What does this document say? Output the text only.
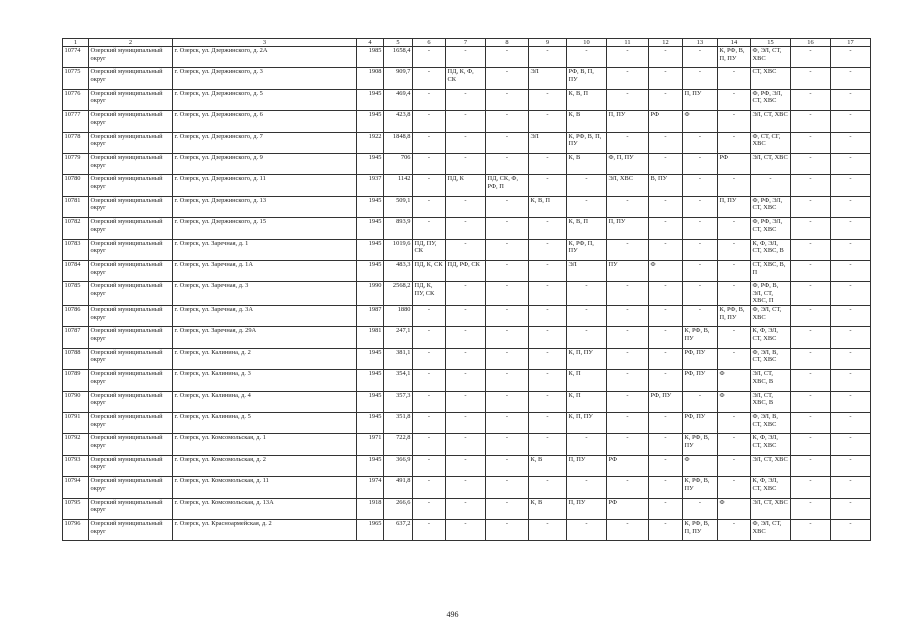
1	2	3	4	5	6	7	8	9	10	11	12	13	14	15	16	17
10774	Озерский муниципальный округ	г. Озерск, ул. Дзержинского, д. 2А	1985	1658,4	-	-	-	-	-	-	-	-	К, РФ, В, П, ПУ	Ф, ЭЛ, СТ, ХВС	-	-
10775	Озерский муниципальный округ	г. Озерск, ул. Дзержинского, д. 3	1908	909,7	-	ПД, К, Ф, СК	-	ЭЛ	РФ, В, П, ПУ	-	-	-	-	СТ, ХВС	-	-
10776	Озерский муниципальный округ	г. Озерск, ул. Дзержинского, д. 5	1945	469,4	-	-	-	-	К, В, П	-	-	П, ПУ	-	Ф, РФ, ЭЛ, СТ, ХВС	-	-
10777	Озерский муниципальный округ	г. Озерск, ул. Дзержинского, д. 6	1945	423,8	-	-	-	-	К, В	П, ПУ	РФ	Ф	-	ЭЛ, СТ, ХВС	-	-
10778	Озерский муниципальный округ	г. Озерск, ул. Дзержинского, д. 7	1922	1848,8	-	-	-	ЭЛ	К, РФ, В, П, ПУ	-	-	-	-	Ф, СТ, СГ, ХВС	-	-
10779	Озерский муниципальный округ	г. Озерск, ул. Дзержинского, д. 9	1945	706	-	-	-	-	К, В	Ф, П, ПУ	-	-	РФ	ЭЛ, СТ, ХВС	-	-
10780	Озерский муниципальный округ	г. Озерск, ул. Дзержинского, д. 11	1937	1142	-	ПД, К	ПД, СК, Ф, РФ, П	-	-	ЭЛ, ХВС	В, ПУ	-	-	-	-	-
10781	Озерский муниципальный округ	г. Озерск, ул. Дзержинского, д. 13	1945	509,1	-	-	-	К, В, П	-	-	-	-	П, ПУ	Ф, РФ, ЭЛ, СТ, ХВС	-	-
10782	Озерский муниципальный округ	г. Озерск, ул. Дзержинского, д. 15	1945	893,9	-	-	-	-	К, В, П	П, ПУ	-	-	-	Ф, РФ, ЭЛ, СТ, ХВС	-	-
10783	Озерский муниципальный округ	г. Озерск, ул. Заречная, д. 1	1945	1019,6	ПД, ПУ, СК	-	-	-	К, РФ, П, ПУ	-	-	-	-	К, Ф, ЭЛ, СТ, ХВС, В	-	-
10784	Озерский муниципальный округ	г. Озерск, ул. Заречная, д. 1А	1945	483,3	ПД, К, СК	ПД, РФ, СК	-	-	ЭЛ	ПУ	Ф	-	-	СТ, ХВС, В, П	-	-
10785	Озерский муниципальный округ	г. Озерск, ул. Заречная, д. 3	1990	2568,2	ПД, К, ПУ, СК	-	-	-	-	-	-	-	-	Ф, РФ, В, ЭЛ, СТ, ХВС, П	-	-
10786	Озерский муниципальный округ	г. Озерск, ул. Заречная, д. 3А	1987	1880	-	-	-	-	-	-	-	-	К, РФ, В, П, ПУ	Ф, ЭЛ, СТ, ХВС	-	-
10787	Озерский муниципальный округ	г. Озерск, ул. Заречная, д. 29А	1981	247,1	-	-	-	-	-	-	-	К, РФ, В, ПУ	-	К, Ф, ЭЛ, СТ, ХВС	-	-
10788	Озерский муниципальный округ	г. Озерск, ул. Калинина, д. 2	1945	381,1	-	-	-	-	К, П, ПУ	-	-	РФ, ПУ	-	Ф, ЭЛ, В, СТ, ХВС	-	-
10789	Озерский муниципальный округ	г. Озерск, ул. Калинина, д. 3	1945	354,1	-	-	-	-	К, П	-	-	РФ, ПУ	Ф	ЭЛ, СТ, ХВС, В	-	-
10790	Озерский муниципальный округ	г. Озерск, ул. Калинина, д. 4	1945	357,3	-	-	-	-	К, П	-	РФ, ПУ	-	Ф	ЭЛ, СТ, ХВС, В	-	-
10791	Озерский муниципальный округ	г. Озерск, ул. Калинина, д. 5	1945	351,8	-	-	-	-	К, П, ПУ	-	-	РФ, ПУ	-	Ф, ЭЛ, В, СТ, ХВС	-	-
10792	Озерский муниципальный округ	г. Озерск, ул. Комсомольская, д. 1	1971	722,8	-	-	-	-	-	-	-	К, РФ, В, ПУ	-	К, Ф, ЭЛ, СТ, ХВС	-	-
10793	Озерский муниципальный округ	г. Озерск, ул. Комсомольская, д. 2	1945	366,9	-	-	-	К, В	П, ПУ	РФ	-	Ф	-	ЭЛ, СТ, ХВС	-	-
10794	Озерский муниципальный округ	г. Озерск, ул. Комсомольская, д. 11	1974	491,8	-	-	-	-	-	-	-	К, РФ, В, ПУ	-	К, Ф, ЭЛ, СТ, ХВС	-	-
10795	Озерский муниципальный округ	г. Озерск, ул. Комсомольская, д. 13А	1918	266,6	-	-	-	К, В	П, ПУ	РФ	-	-	Ф	ЭЛ, СТ, ХВС	-	-
10796	Озерский муниципальный округ	г. Озерск, ул. Красноармейская, д. 2	1965	637,2	-	-	-	-	-	-	-	К, РФ, В, П, ПУ	-	Ф, ЭЛ, СТ, ХВС	-	-
496
